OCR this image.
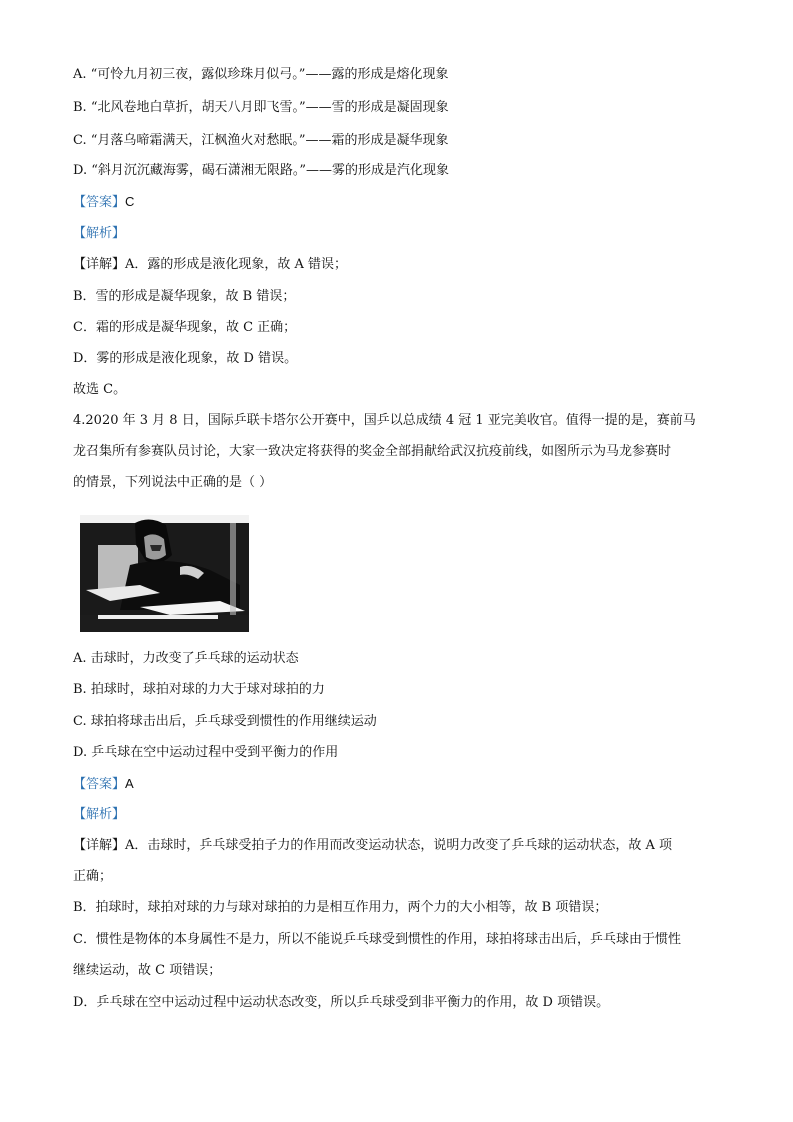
A. “可怜九月初三夜，露似珍珠月似弓。”——露的形成是熔化现象
B. “北风卷地白草折，胡天八月即飞雪。”——雪的形成是凝固现象
C. “月落乌啼霜满天，江枫渔火对愁眠。”——霜的形成是凝华现象
D. “斜月沉沉藏海雾，碣石潇湘无限路。”——雾的形成是汽化现象
【答案】C
【解析】
【详解】A．露的形成是液化现象，故 A 错误；
B．雪的形成是凝华现象，故 B 错误；
C．霜的形成是凝华现象，故 C 正确；
D．雾的形成是液化现象，故 D 错误。
故选 C。
4.2020 年 3 月 8 日，国际乒联卡塔尔公开赛中，国乒以总成绩 4 冠 1 亚完美收官。值得一提的是，赛前马
龙召集所有参赛队员讨论，大家一致决定将获得的奖金全部捐献给武汉抗疫前线，如图所示为马龙参赛时
的情景，下列说法中正确的是（ ）
A. 击球时，力改变了乒乓球的运动状态
B. 拍球时，球拍对球的力大于球对球拍的力
C. 球拍将球击出后，乒乓球受到惯性的作用继续运动
D. 乒乓球在空中运动过程中受到平衡力的作用
【答案】A
【解析】
【详解】A．击球时，乒乓球受拍子力的作用而改变运动状态，说明力改变了乒乓球的运动状态，故 A 项
正确；
B．拍球时，球拍对球的力与球对球拍的力是相互作用力，两个力的大小相等，故 B 项错误；
C．惯性是物体的本身属性不是力，所以不能说乒乓球受到惯性的作用，球拍将球击出后，乒乓球由于惯性
继续运动，故 C 项错误；
D．乒乓球在空中运动过程中运动状态改变，所以乒乓球受到非平衡力的作用，故 D 项错误。
